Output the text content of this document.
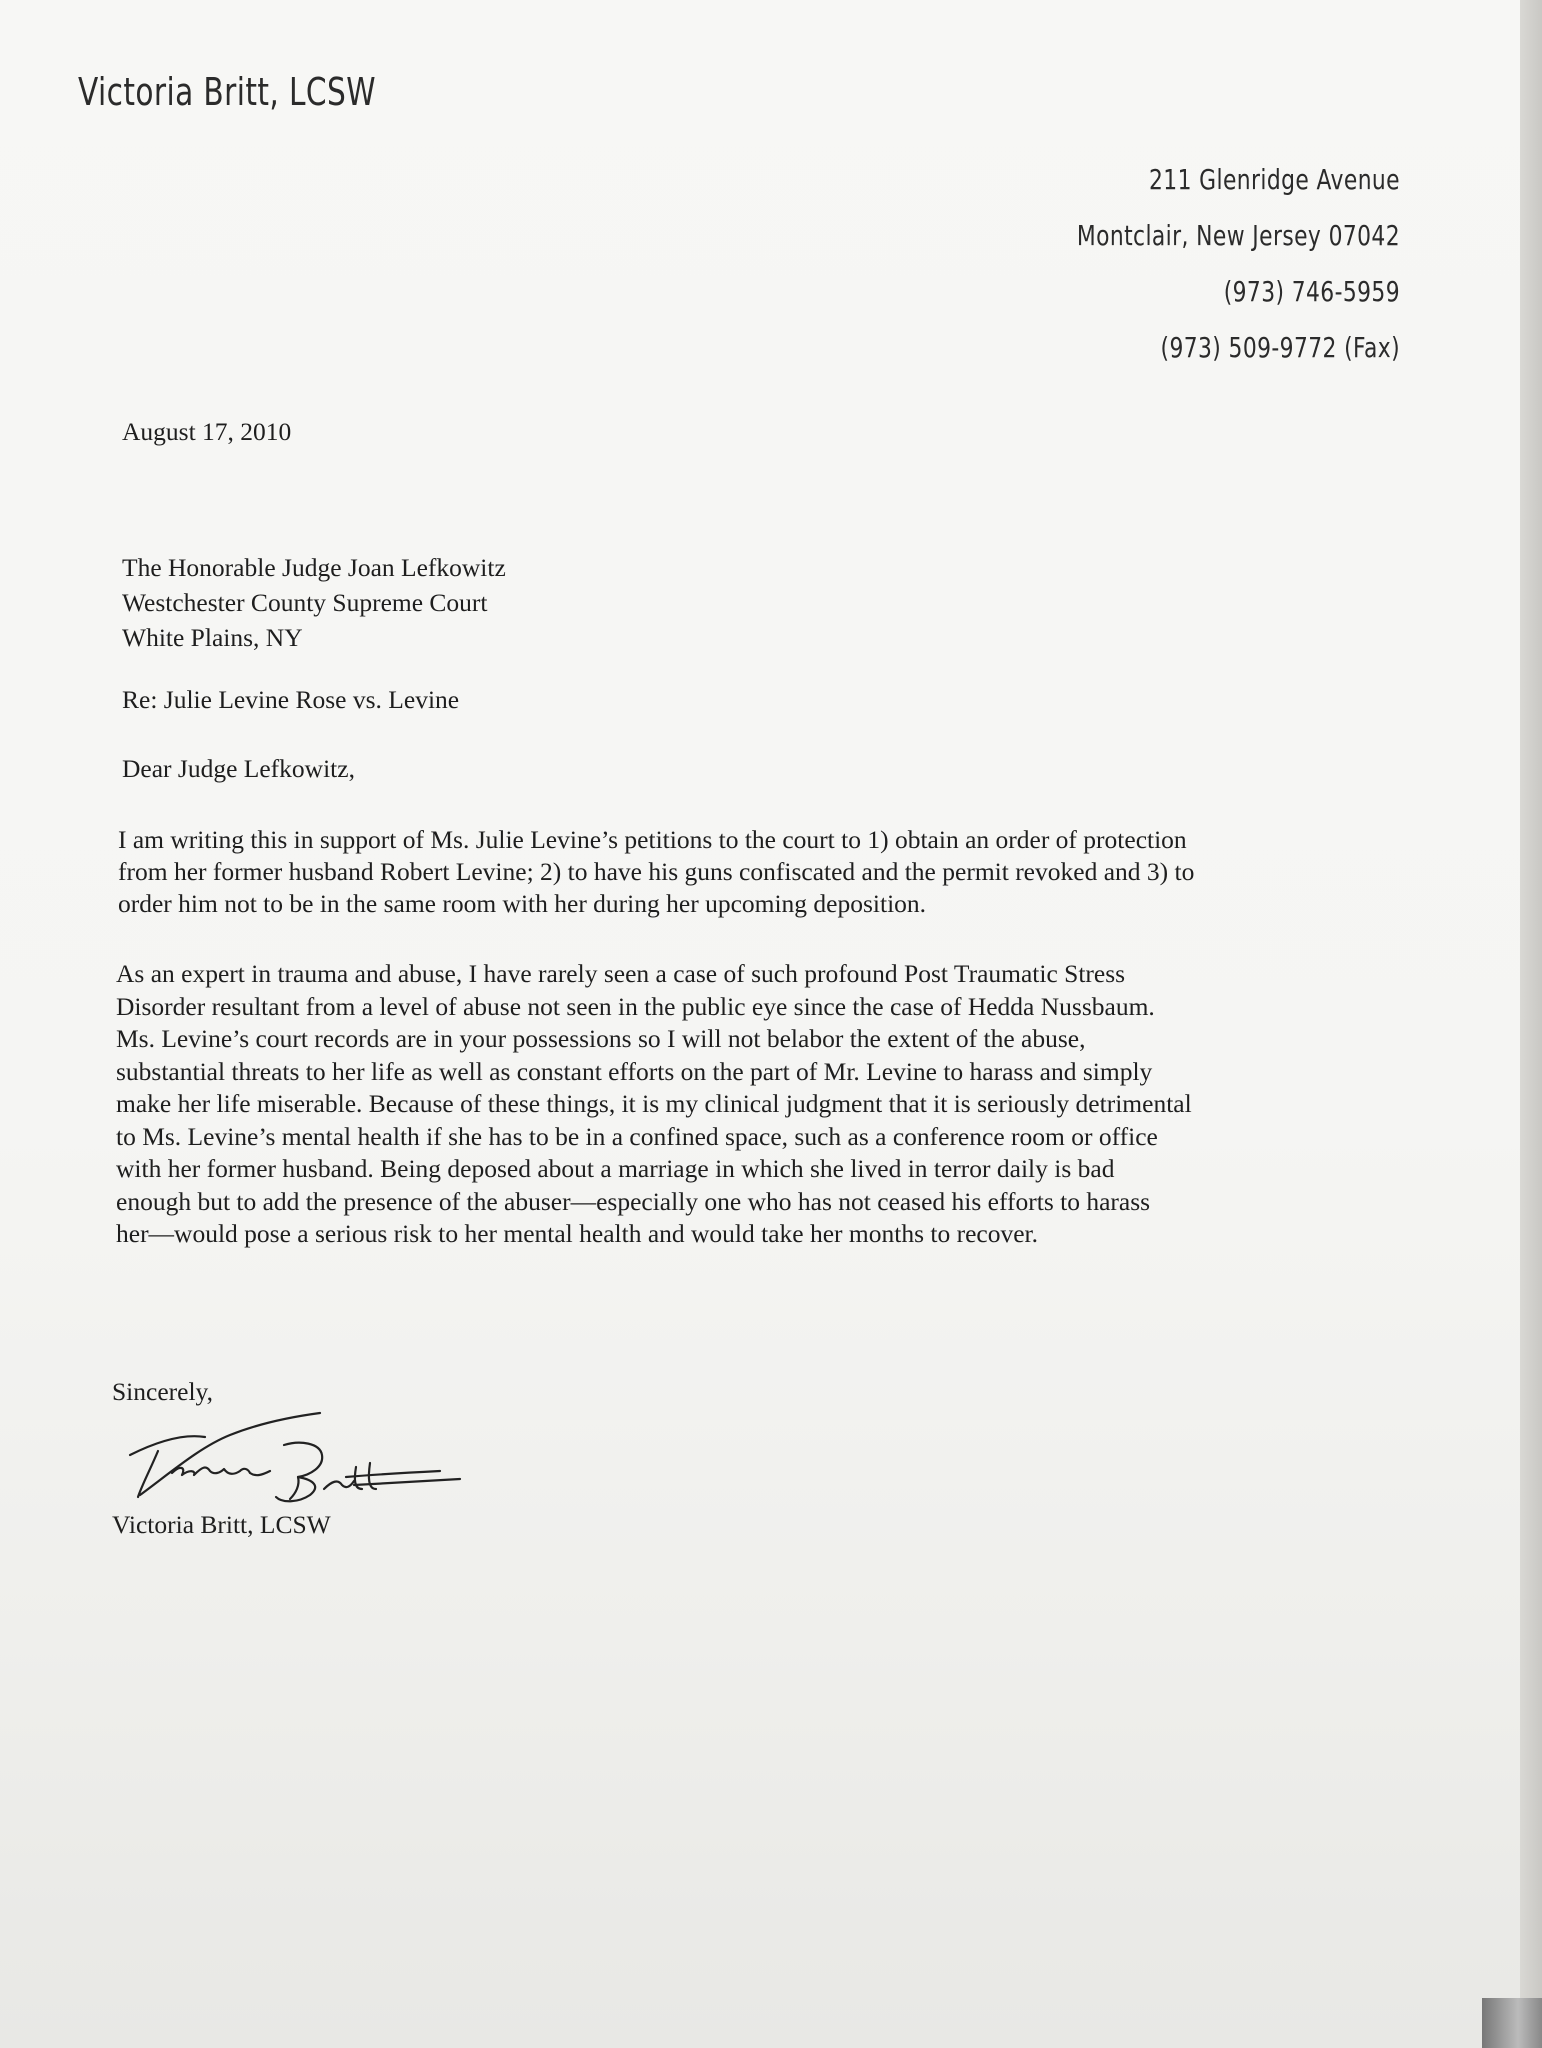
Victoria Britt, LCSW
211 Glenridge Avenue
Montclair, New Jersey 07042
(973) 746-5959
(973) 509-9772 (Fax)
August 17, 2010
The Honorable Judge Joan Lefkowitz
Westchester County Supreme Court
White Plains, NY
Re: Julie Levine Rose vs. Levine
Dear Judge Lefkowitz,
I am writing this in support of Ms. Julie Levine’s petitions to the court to 1) obtain an order of protection
from her former husband Robert Levine; 2) to have his guns confiscated and the permit revoked and 3) to
order him not to be in the same room with her during her upcoming deposition.
As an expert in trauma and abuse, I have rarely seen a case of such profound Post Traumatic Stress
Disorder resultant from a level of abuse not seen in the public eye since the case of Hedda Nussbaum.
Ms. Levine’s court records are in your possessions so I will not belabor the extent of the abuse,
substantial threats to her life as well as constant efforts on the part of Mr. Levine to harass and simply
make her life miserable. Because of these things, it is my clinical judgment that it is seriously detrimental
to Ms. Levine’s mental health if she has to be in a confined space, such as a conference room or office
with her former husband. Being deposed about a marriage in which she lived in terror daily is bad
enough but to add the presence of the abuser—especially one who has not ceased his efforts to harass
her—would pose a serious risk to her mental health and would take her months to recover.
Sincerely,
Victoria Britt, LCSW
